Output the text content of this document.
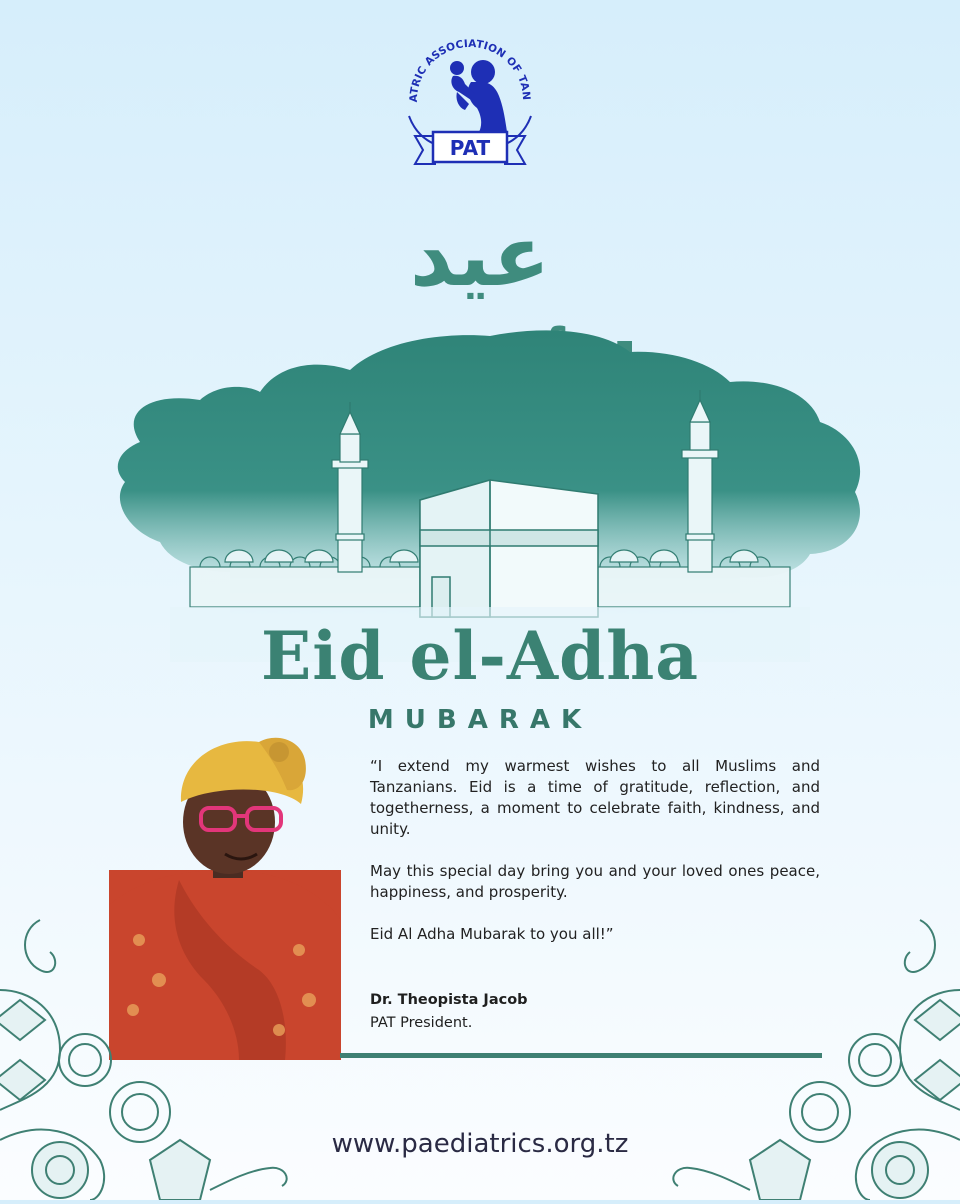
ATRIC ASSOCIATION OF TAN
PAT
عيد
Eid el-Adha
MUBARAK

“I extend my warmest wishes to all Muslims and Tanzanians. Eid is a time of gratitude, reflection, and togetherness, a moment to celebrate faith, kindness, and unity.

May this special day bring you and your loved ones peace, happiness, and prosperity.

Eid Al Adha Mubarak to you all!”

Dr. Theopista Jacob
PAT President.
www.paediatrics.org.tz
